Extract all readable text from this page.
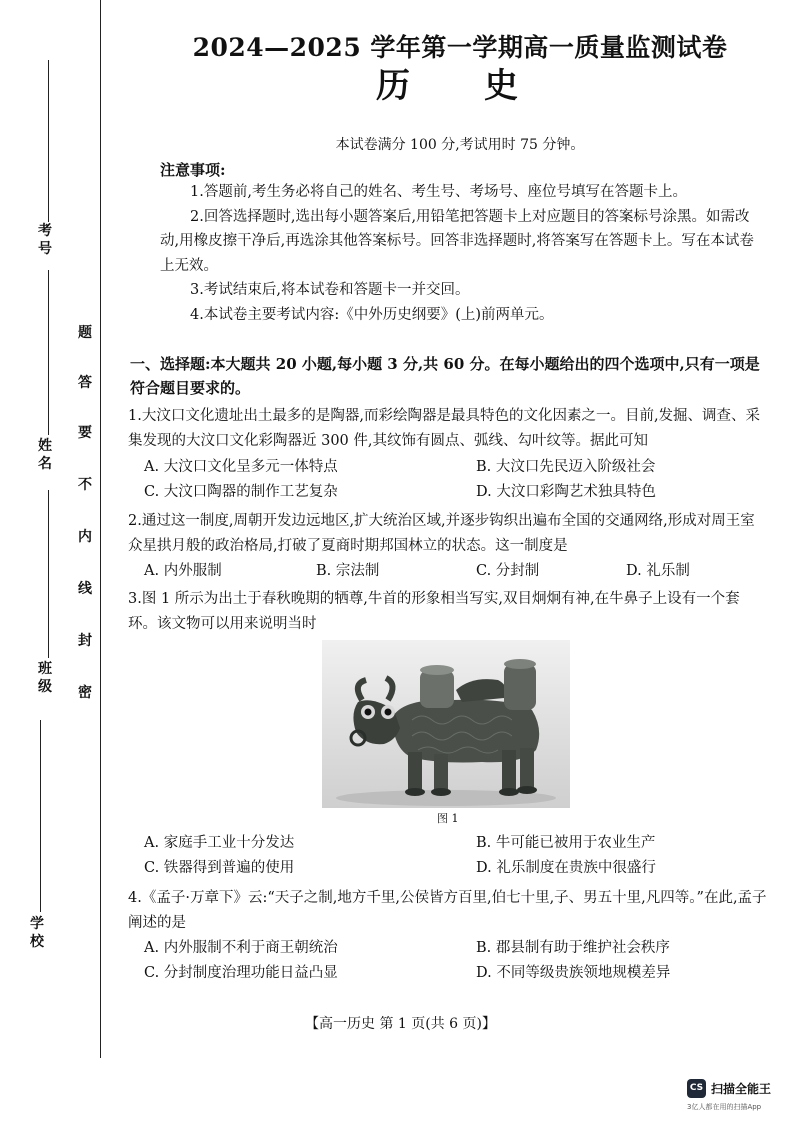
考号
姓名
班级
学校
题
答
要
不
内
线
封
密
2024—2025 学年第一学期高一质量监测试卷
历 史
本试卷满分 100 分,考试用时 75 分钟。
注意事项:

1.答题前,考生务必将自己的姓名、考生号、考场号、座位号填写在答题卡上。

2.回答选择题时,选出每小题答案后,用铅笔把答题卡上对应题目的答案标号涂黑。如需改动,用橡皮擦干净后,再选涂其他答案标号。回答非选择题时,将答案写在答题卡上。写在本试卷上无效。

3.考试结束后,将本试卷和答题卡一并交回。

4.本试卷主要考试内容:《中外历史纲要》(上)前两单元。

一、选择题:本大题共 20 小题,每小题 3 分,共 60 分。在每小题给出的四个选项中,只有一项是符合题目要求的。
1.大汶口文化遗址出土最多的是陶器,而彩绘陶器是最具特色的文化因素之一。目前,发掘、调查、采集发现的大汶口文化彩陶器近 300 件,其纹饰有圆点、弧线、勾叶纹等。据此可知
A. 大汶口文化呈多元一体特点	B. 大汶口先民迈入阶级社会
C. 大汶口陶器的制作工艺复杂	D. 大汶口彩陶艺术独具特色
2.通过这一制度,周朝开发边远地区,扩大统治区域,并逐步钩织出遍布全国的交通网络,形成对周王室众星拱月般的政治格局,打破了夏商时期邦国林立的状态。这一制度是
A. 内外服制	B. 宗法制	C. 分封制	D. 礼乐制
3.图 1 所示为出土于春秋晚期的牺尊,牛首的形象相当写实,双目炯炯有神,在牛鼻子上设有一个套环。该文物可以用来说明当时
图 1
A. 家庭手工业十分发达	B. 牛可能已被用于农业生产
C. 铁器得到普遍的使用	D. 礼乐制度在贵族中很盛行
4.《孟子·万章下》云:“天子之制,地方千里,公侯皆方百里,伯七十里,子、男五十里,凡四等。”在此,孟子阐述的是
A. 内外服制不利于商王朝统治	B. 郡县制有助于维护社会秩序
C. 分封制度治理功能日益凸显	D. 不同等级贵族领地规模差异
【高一历史 第 1 页(共 6 页)】
CS 扫描全能王
3亿人都在用的扫描App
